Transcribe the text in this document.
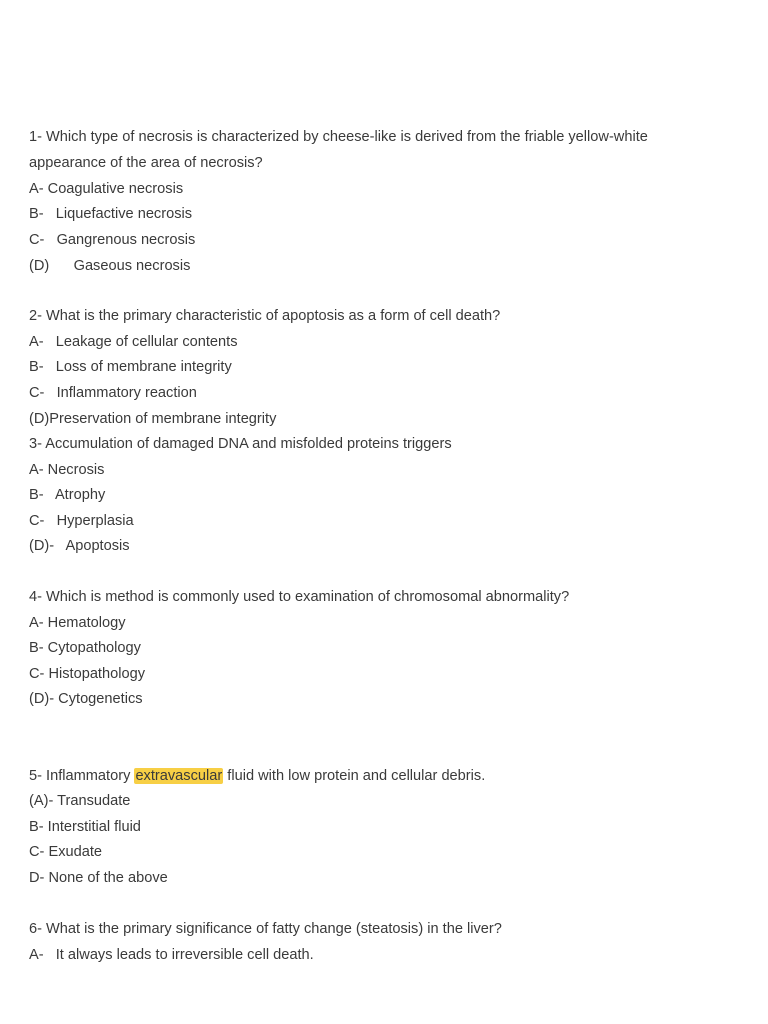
1- Which type of necrosis is characterized by cheese-like is derived from the friable yellow-white
appearance of the area of necrosis?
A- Coagulative necrosis
B-   Liquefactive necrosis
C-   Gangrenous necrosis
(D)      Gaseous necrosis
2- What is the primary characteristic of apoptosis as a form of cell death?
A-   Leakage of cellular contents
B-   Loss of membrane integrity
C-   Inflammatory reaction
(D)Preservation of membrane integrity
3- Accumulation of damaged DNA and misfolded proteins triggers
A- Necrosis
B-   Atrophy
C-   Hyperplasia
(D)-   Apoptosis
4- Which is method is commonly used to examination of chromosomal abnormality?
A- Hematology
B- Cytopathology
C- Histopathology
(D)- Cytogenetics
5- Inflammatory extravascular fluid with low protein and cellular debris.
(A)- Transudate
B- Interstitial fluid
C- Exudate
D- None of the above
6- What is the primary significance of fatty change (steatosis) in the liver?
A-   It always leads to irreversible cell death.
